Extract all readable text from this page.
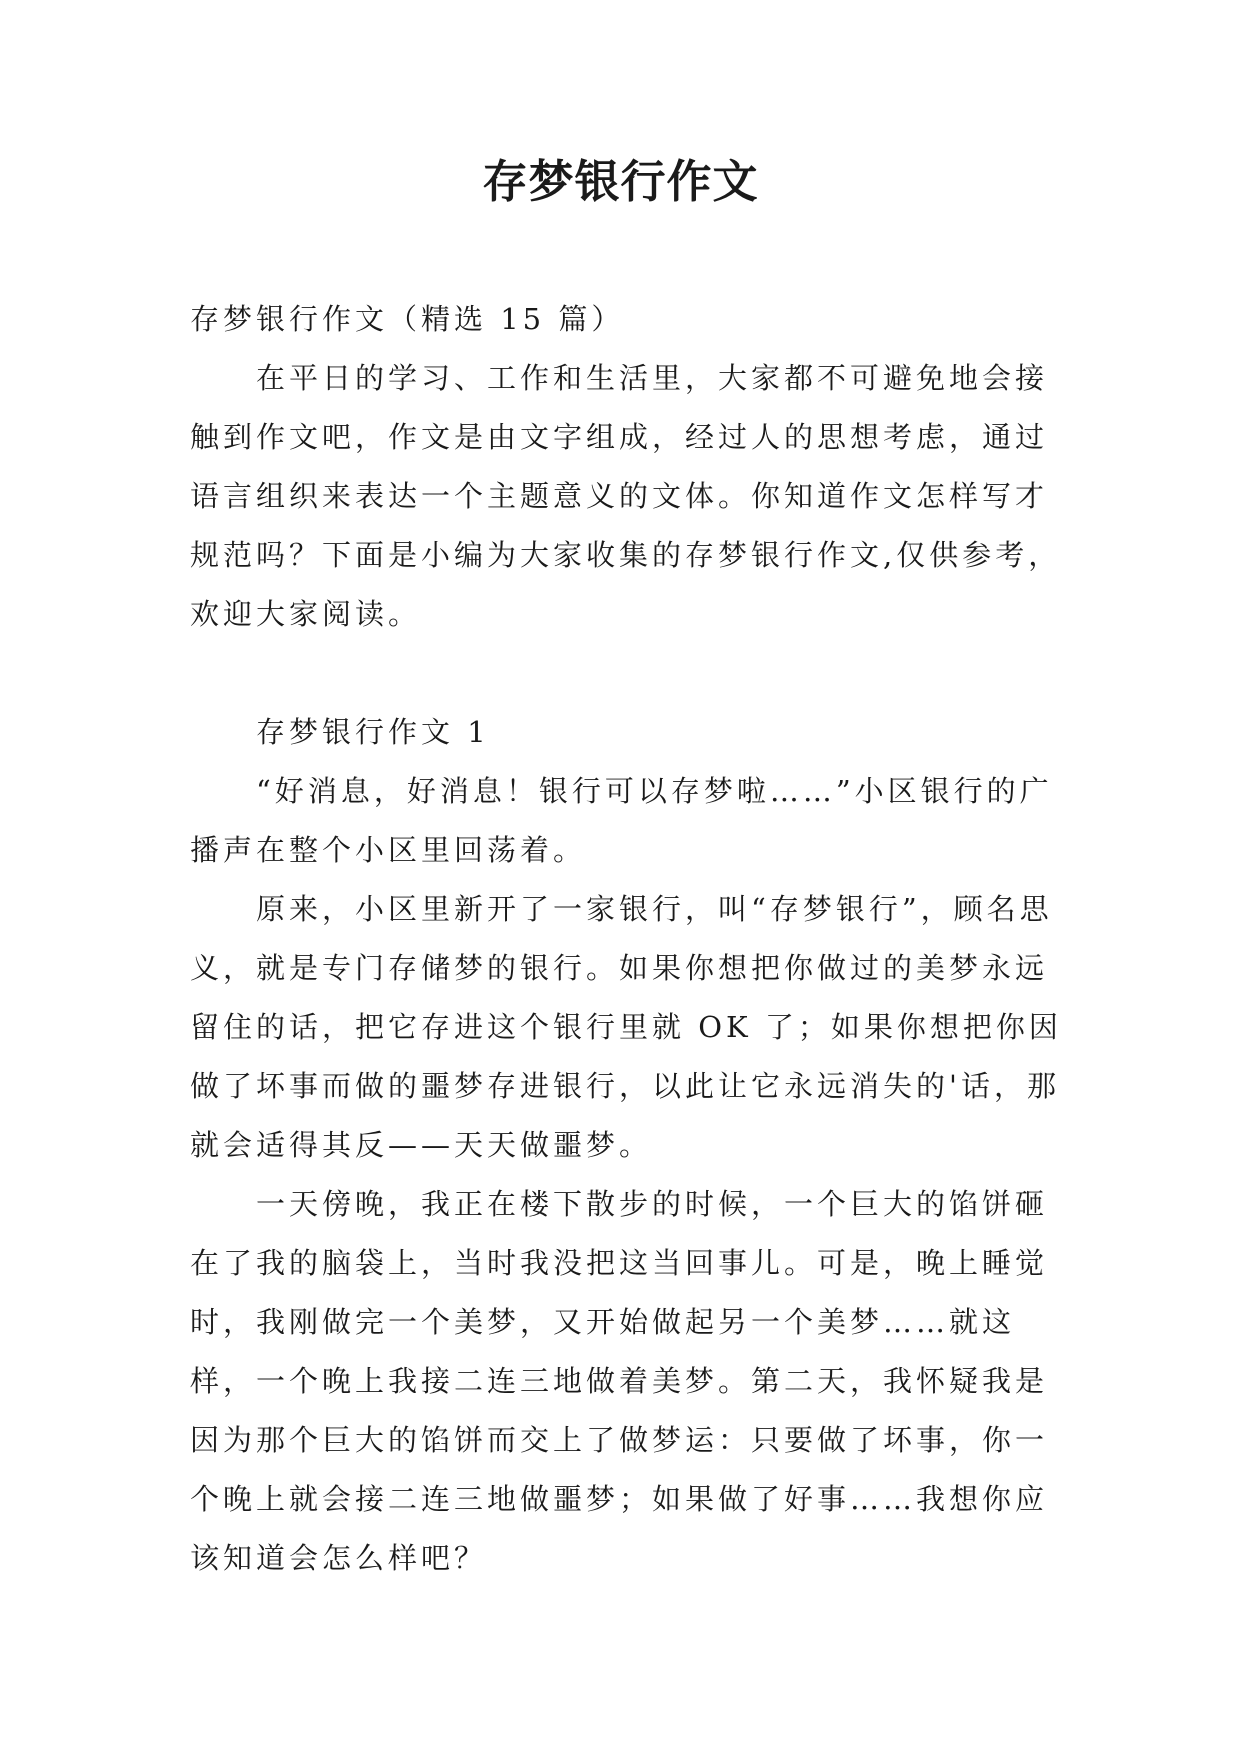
存梦银行作文

存梦银行作文（精选 15 篇）

在平日的学习、工作和生活里，大家都不可避免地会接触到作文吧，作文是由文字组成，经过人的思想考虑，通过语言组织来表达一个主题意义的文体。你知道作文怎样写才规范吗？下面是小编为大家收集的存梦银行作文,仅供参考，欢迎大家阅读。

存梦银行作文 1

“好消息，好消息！银行可以存梦啦……”小区银行的广播声在整个小区里回荡着。

原来，小区里新开了一家银行，叫“存梦银行”，顾名思义，就是专门存储梦的银行。如果你想把你做过的美梦永远留住的话，把它存进这个银行里就 OK 了；如果你想把你因做了坏事而做的噩梦存进银行，以此让它永远消失的'话，那就会适得其反——天天做噩梦。

一天傍晚，我正在楼下散步的时候，一个巨大的馅饼砸在了我的脑袋上，当时我没把这当回事儿。可是，晚上睡觉时，我刚做完一个美梦，又开始做起另一个美梦……就这样，一个晚上我接二连三地做着美梦。第二天，我怀疑我是因为那个巨大的馅饼而交上了做梦运：只要做了坏事，你一个晚上就会接二连三地做噩梦；如果做了好事……我想你应该知道会怎么样吧？
